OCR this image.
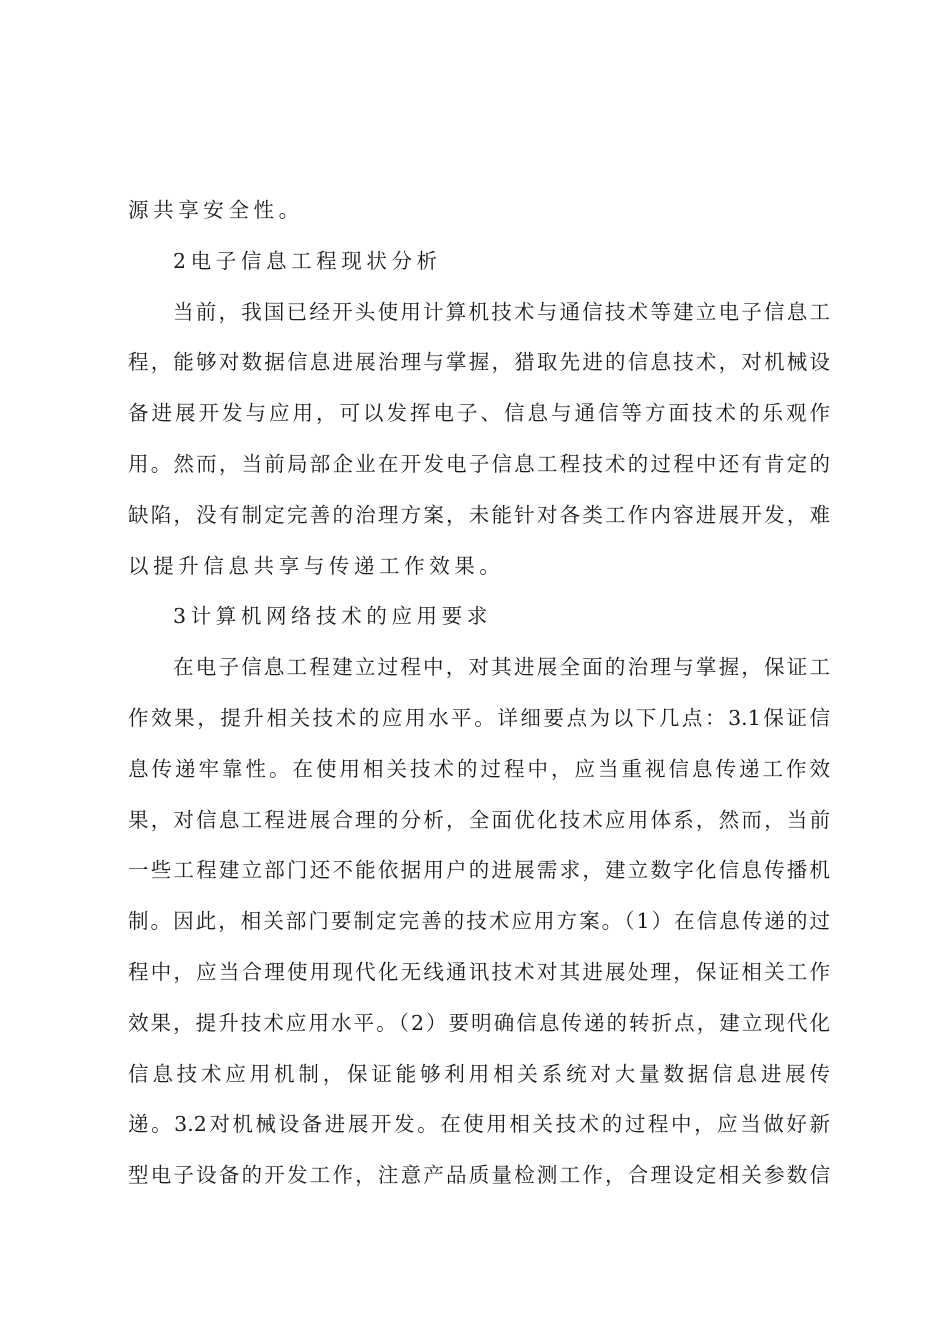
源共享安全性。
2电子信息工程现状分析
当前，我国已经开头使用计算机技术与通信技术等建立电子信息工
程，能够对数据信息进展治理与掌握，猎取先进的信息技术，对机械设
备进展开发与应用，可以发挥电子、信息与通信等方面技术的乐观作
用。然而，当前局部企业在开发电子信息工程技术的过程中还有肯定的
缺陷，没有制定完善的治理方案，未能针对各类工作内容进展开发，难
以提升信息共享与传递工作效果。
3计算机网络技术的应用要求
在电子信息工程建立过程中，对其进展全面的治理与掌握，保证工
作效果，提升相关技术的应用水平。详细要点为以下几点：3.1保证信
息传递牢靠性。在使用相关技术的过程中，应当重视信息传递工作效
果，对信息工程进展合理的分析，全面优化技术应用体系，然而，当前
一些工程建立部门还不能依据用户的进展需求，建立数字化信息传播机
制。因此，相关部门要制定完善的技术应用方案。（1）在信息传递的过
程中，应当合理使用现代化无线通讯技术对其进展处理，保证相关工作
效果，提升技术应用水平。（2）要明确信息传递的转折点，建立现代化
信息技术应用机制，保证能够利用相关系统对大量数据信息进展传
递。3.2对机械设备进展开发。在使用相关技术的过程中，应当做好新
型电子设备的开发工作，注意产品质量检测工作，合理设定相关参数信
